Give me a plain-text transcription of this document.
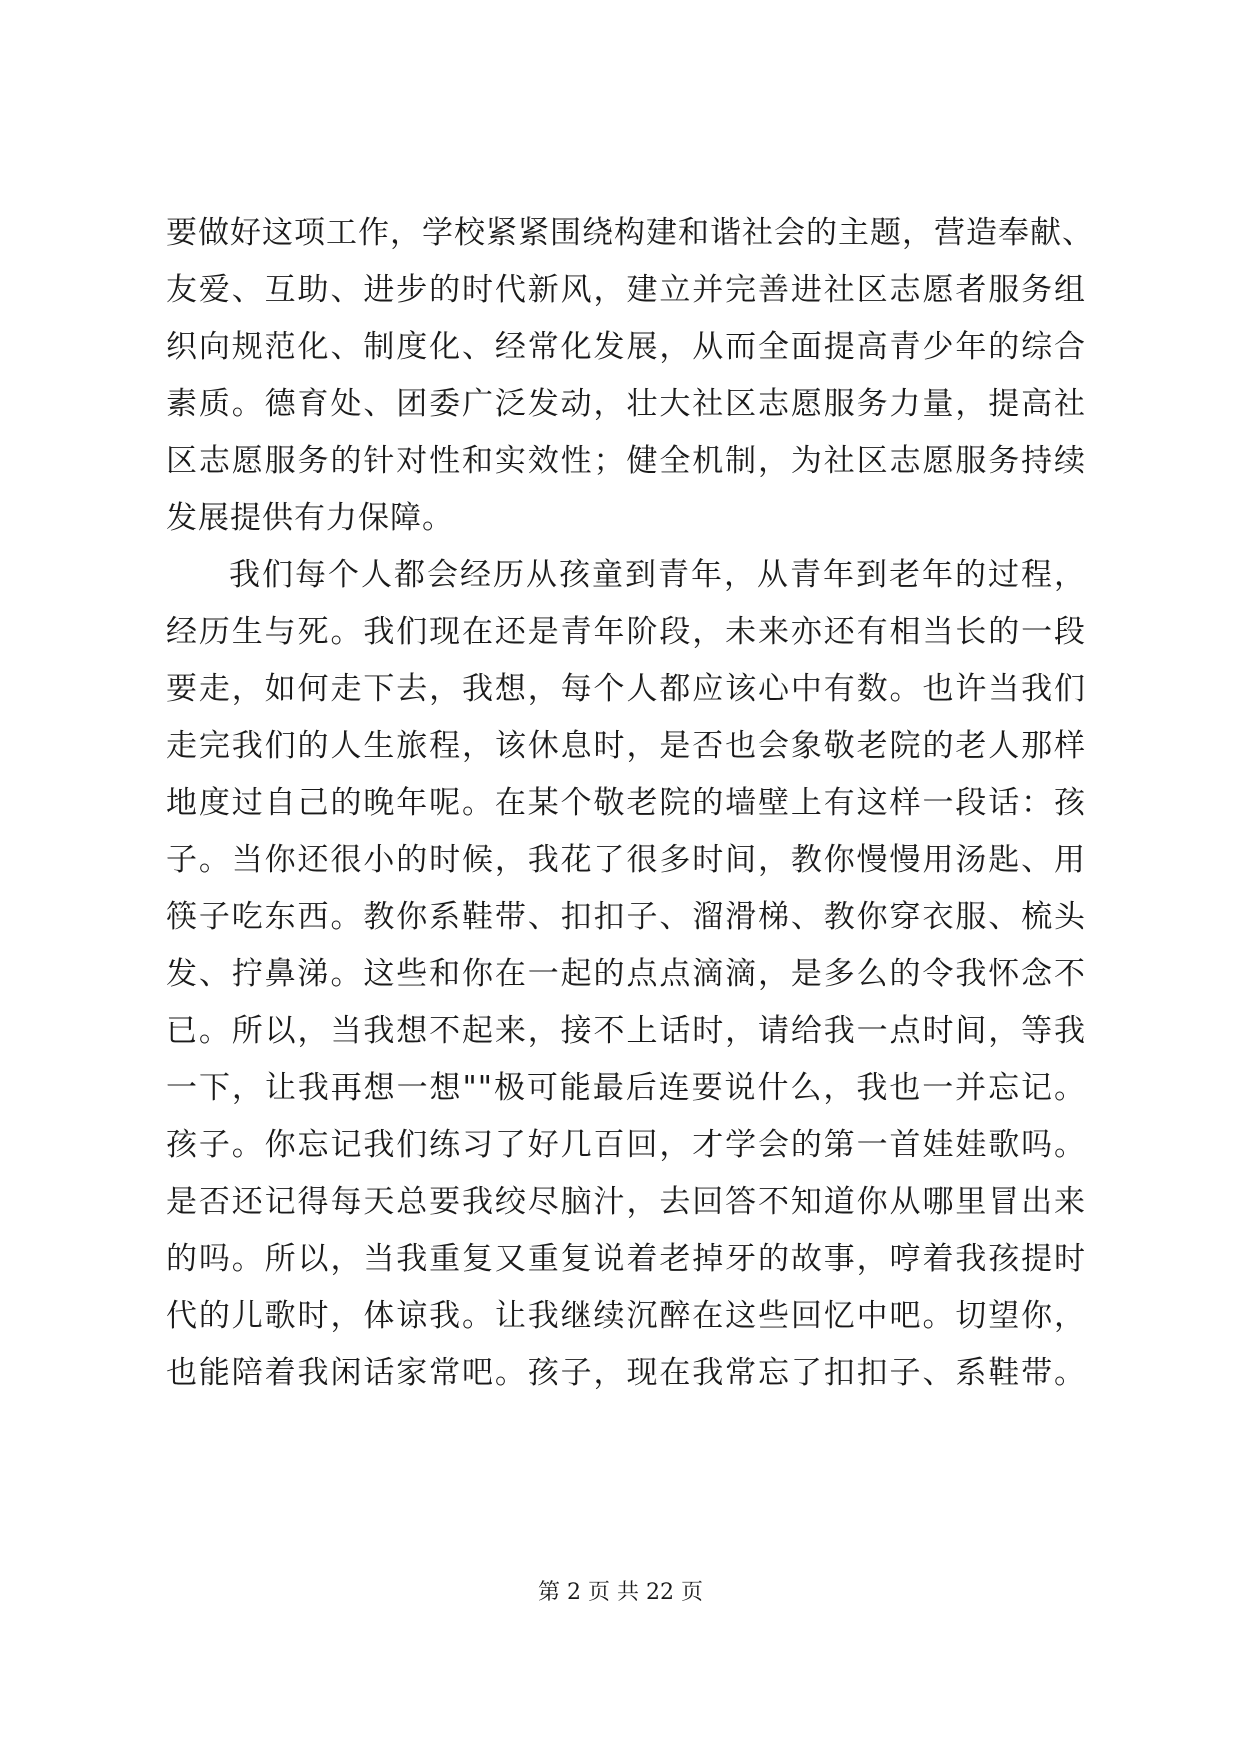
要做好这项工作，学校紧紧围绕构建和谐社会的主题，营造奉献、
友爱、互助、进步的时代新风，建立并完善进社区志愿者服务组
织向规范化、制度化、经常化发展，从而全面提高青少年的综合
素质。德育处、团委广泛发动，壮大社区志愿服务力量，提高社
区志愿服务的针对性和实效性；健全机制，为社区志愿服务持续
发展提供有力保障。
我们每个人都会经历从孩童到青年，从青年到老年的过程，
经历生与死。我们现在还是青年阶段，未来亦还有相当长的一段
要走，如何走下去，我想，每个人都应该心中有数。也许当我们
走完我们的人生旅程，该休息时，是否也会象敬老院的老人那样
地度过自己的晚年呢。在某个敬老院的墙壁上有这样一段话：孩
子。当你还很小的时候，我花了很多时间，教你慢慢用汤匙、用
筷子吃东西。教你系鞋带、扣扣子、溜滑梯、教你穿衣服、梳头
发、拧鼻涕。这些和你在一起的点点滴滴，是多么的令我怀念不
已。所以，当我想不起来，接不上话时，请给我一点时间，等我
一下，让我再想一想""极可能最后连要说什么，我也一并忘记。
孩子。你忘记我们练习了好几百回，才学会的第一首娃娃歌吗。
是否还记得每天总要我绞尽脑汁，去回答不知道你从哪里冒出来
的吗。所以，当我重复又重复说着老掉牙的故事，哼着我孩提时
代的儿歌时，体谅我。让我继续沉醉在这些回忆中吧。切望你，
也能陪着我闲话家常吧。孩子，现在我常忘了扣扣子、系鞋带。
第 2 页 共 22 页
